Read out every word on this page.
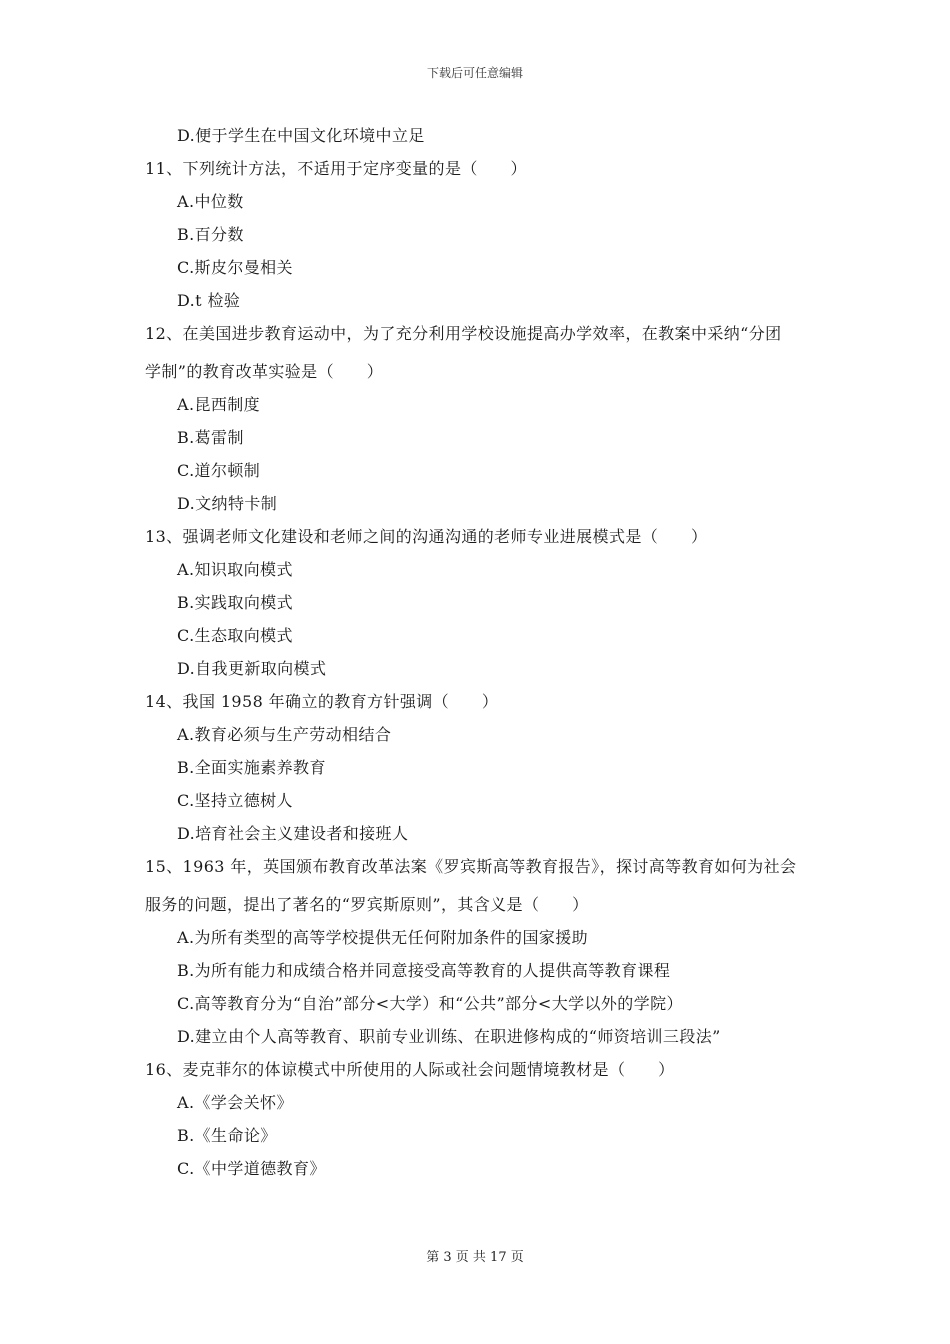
下载后可任意编辑
D.便于学生在中国文化环境中立足
11、下列统计方法，不适用于定序变量的是（　　）
A.中位数
B.百分数
C.斯皮尔曼相关
D.t 检验
12、在美国进步教育运动中，为了充分利用学校设施提高办学效率，在教案中采纳“分团
学制”的教育改革实验是（　　）
A.昆西制度
B.葛雷制
C.道尔顿制
D.文纳特卡制
13、强调老师文化建设和老师之间的沟通沟通的老师专业进展模式是（　　）
A.知识取向模式
B.实践取向模式
C.生态取向模式
D.自我更新取向模式
14、我国 1958 年确立的教育方针强调（　　）
A.教育必须与生产劳动相结合
B.全面实施素养教育
C.坚持立德树人
D.培育社会主义建设者和接班人
15、1963 年，英国颁布教育改革法案《罗宾斯高等教育报告》，探讨高等教育如何为社会
服务的问题，提出了著名的“罗宾斯原则”，其含义是（　　）
A.为所有类型的高等学校提供无任何附加条件的国家援助
B.为所有能力和成绩合格并同意接受高等教育的人提供高等教育课程
C.高等教育分为“自治”部分<大学）和“公共”部分<大学以外的学院）
D.建立由个人高等教育、职前专业训练、在职进修构成的“师资培训三段法”
16、麦克菲尔的体谅模式中所使用的人际或社会问题情境教材是（　　）
A.《学会关怀》
B.《生命论》
C.《中学道德教育》
第 3 页 共 17 页
